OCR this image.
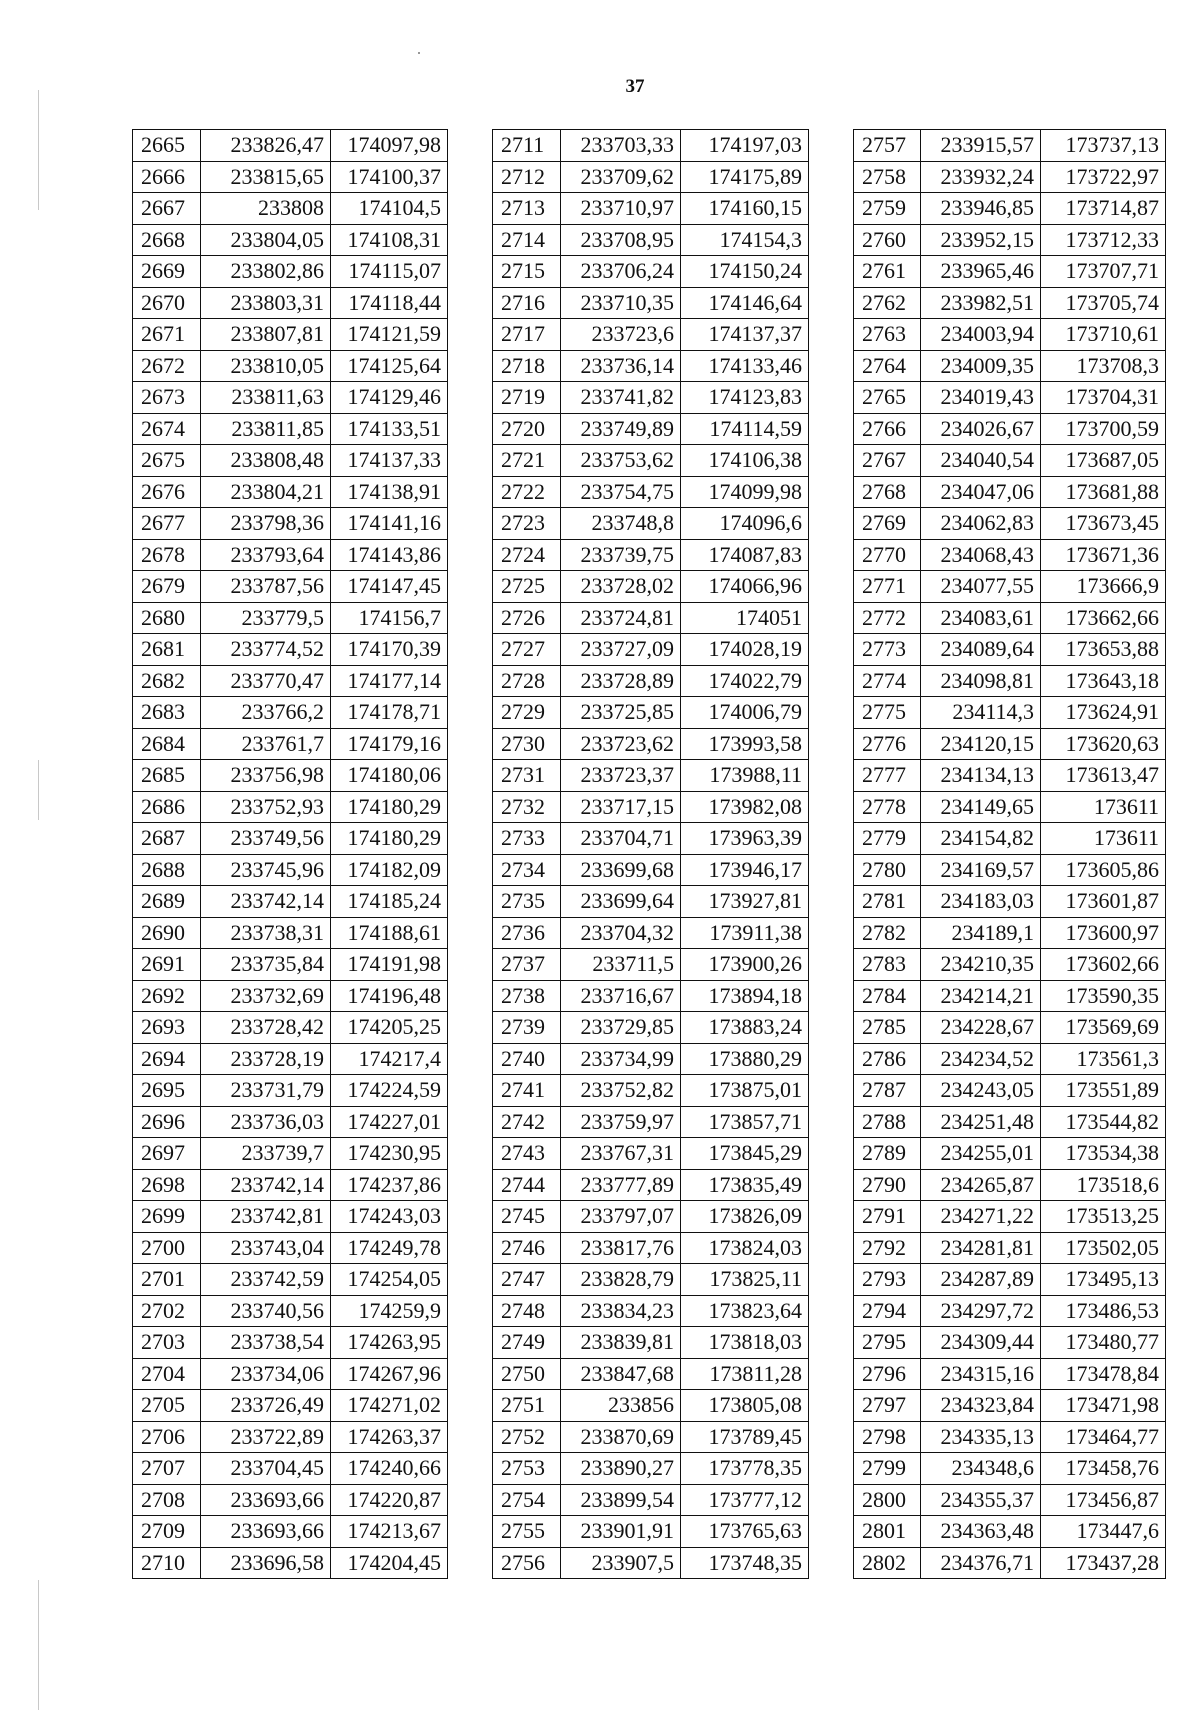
37
2665	233826,47	174097,98
2666	233815,65	174100,37
2667	233808	174104,5
2668	233804,05	174108,31
2669	233802,86	174115,07
2670	233803,31	174118,44
2671	233807,81	174121,59
2672	233810,05	174125,64
2673	233811,63	174129,46
2674	233811,85	174133,51
2675	233808,48	174137,33
2676	233804,21	174138,91
2677	233798,36	174141,16
2678	233793,64	174143,86
2679	233787,56	174147,45
2680	233779,5	174156,7
2681	233774,52	174170,39
2682	233770,47	174177,14
2683	233766,2	174178,71
2684	233761,7	174179,16
2685	233756,98	174180,06
2686	233752,93	174180,29
2687	233749,56	174180,29
2688	233745,96	174182,09
2689	233742,14	174185,24
2690	233738,31	174188,61
2691	233735,84	174191,98
2692	233732,69	174196,48
2693	233728,42	174205,25
2694	233728,19	174217,4
2695	233731,79	174224,59
2696	233736,03	174227,01
2697	233739,7	174230,95
2698	233742,14	174237,86
2699	233742,81	174243,03
2700	233743,04	174249,78
2701	233742,59	174254,05
2702	233740,56	174259,9
2703	233738,54	174263,95
2704	233734,06	174267,96
2705	233726,49	174271,02
2706	233722,89	174263,37
2707	233704,45	174240,66
2708	233693,66	174220,87
2709	233693,66	174213,67
2710	233696,58	174204,45
2711	233703,33	174197,03
2712	233709,62	174175,89
2713	233710,97	174160,15
2714	233708,95	174154,3
2715	233706,24	174150,24
2716	233710,35	174146,64
2717	233723,6	174137,37
2718	233736,14	174133,46
2719	233741,82	174123,83
2720	233749,89	174114,59
2721	233753,62	174106,38
2722	233754,75	174099,98
2723	233748,8	174096,6
2724	233739,75	174087,83
2725	233728,02	174066,96
2726	233724,81	174051
2727	233727,09	174028,19
2728	233728,89	174022,79
2729	233725,85	174006,79
2730	233723,62	173993,58
2731	233723,37	173988,11
2732	233717,15	173982,08
2733	233704,71	173963,39
2734	233699,68	173946,17
2735	233699,64	173927,81
2736	233704,32	173911,38
2737	233711,5	173900,26
2738	233716,67	173894,18
2739	233729,85	173883,24
2740	233734,99	173880,29
2741	233752,82	173875,01
2742	233759,97	173857,71
2743	233767,31	173845,29
2744	233777,89	173835,49
2745	233797,07	173826,09
2746	233817,76	173824,03
2747	233828,79	173825,11
2748	233834,23	173823,64
2749	233839,81	173818,03
2750	233847,68	173811,28
2751	233856	173805,08
2752	233870,69	173789,45
2753	233890,27	173778,35
2754	233899,54	173777,12
2755	233901,91	173765,63
2756	233907,5	173748,35
2757	233915,57	173737,13
2758	233932,24	173722,97
2759	233946,85	173714,87
2760	233952,15	173712,33
2761	233965,46	173707,71
2762	233982,51	173705,74
2763	234003,94	173710,61
2764	234009,35	173708,3
2765	234019,43	173704,31
2766	234026,67	173700,59
2767	234040,54	173687,05
2768	234047,06	173681,88
2769	234062,83	173673,45
2770	234068,43	173671,36
2771	234077,55	173666,9
2772	234083,61	173662,66
2773	234089,64	173653,88
2774	234098,81	173643,18
2775	234114,3	173624,91
2776	234120,15	173620,63
2777	234134,13	173613,47
2778	234149,65	173611
2779	234154,82	173611
2780	234169,57	173605,86
2781	234183,03	173601,87
2782	234189,1	173600,97
2783	234210,35	173602,66
2784	234214,21	173590,35
2785	234228,67	173569,69
2786	234234,52	173561,3
2787	234243,05	173551,89
2788	234251,48	173544,82
2789	234255,01	173534,38
2790	234265,87	173518,6
2791	234271,22	173513,25
2792	234281,81	173502,05
2793	234287,89	173495,13
2794	234297,72	173486,53
2795	234309,44	173480,77
2796	234315,16	173478,84
2797	234323,84	173471,98
2798	234335,13	173464,77
2799	234348,6	173458,76
2800	234355,37	173456,87
2801	234363,48	173447,6
2802	234376,71	173437,28
